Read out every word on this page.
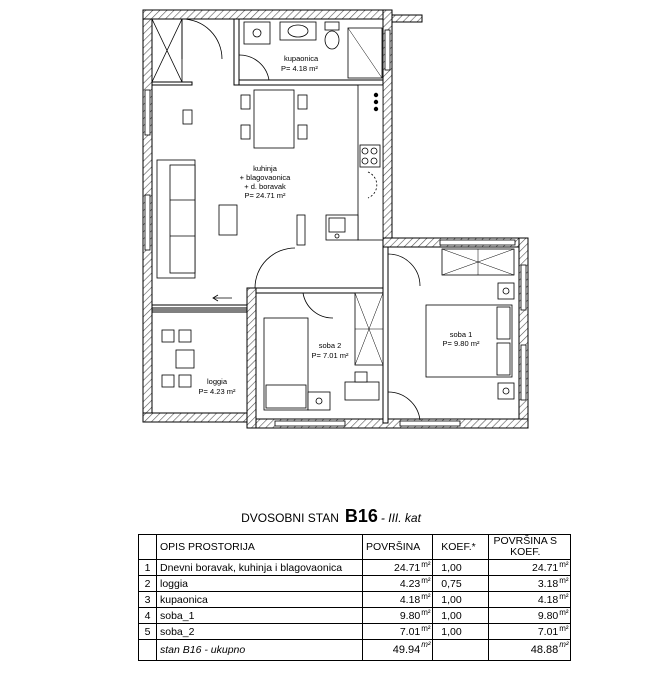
kupaonica
P= 4.18 m²
kuhinja
+ blagovaonica
+ d. boravak
P= 24.71 m²
soba 1
P= 9.80 m²
soba 2
P= 7.01 m²
loggia
P= 4.23 m²
DVOSOBNI STAN B16 - III. kat
	OPIS PROSTORIJA	POVRŠINA		KOEF.*	POVRŠINA S KOEF.	
1	Dnevni boravak, kuhinja i blagovaonica	24.71	m²	1,00	24.71	m²
2	loggia	4.23	m²	0,75	3.18	m²
3	kupaonica	4.18	m²	1,00	4.18	m²
4	soba_1	9.80	m²	1,00	9.80	m²
5	soba_2	7.01	m²	1,00	7.01	m²
	stan B16 - ukupno	49.94	m²		48.88	m²
